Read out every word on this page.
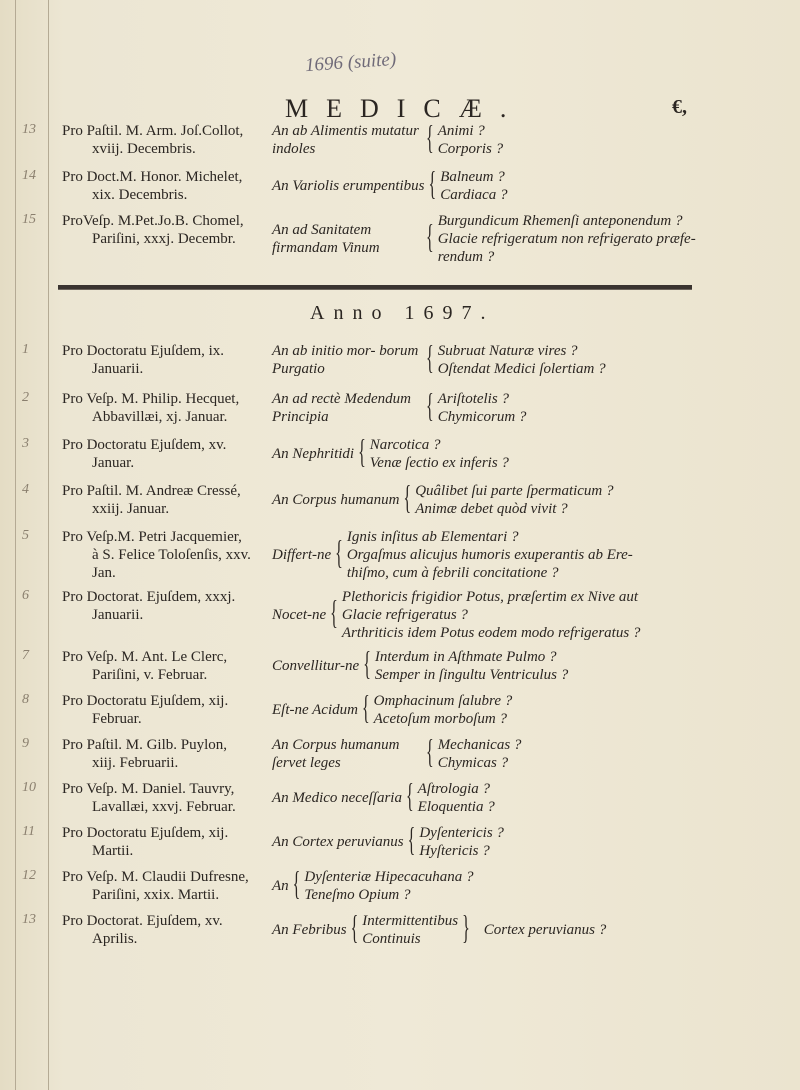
1696 (suite)
MEDICÆ.	€,
13 Pro Paſtil. M. Arm. Joſ.Collot,
xviij. Decembris.
An ab Alimentis mutatur indoles	{ Animi ?
Corporis ?
14 Pro Doct.M. Honor. Michelet,
xix. Decembris.
An Variolis erumpentibus { Balneum ?
Cardiaca ?
15 ProVeſp. M.Pet.Jo.B. Chomel,
Pariſini, xxxj. Decembr.
An ad Sanitatem firmandam Vinum	{ Burgundicum Rhemenſi anteponendum ?
Glacie refrigeratum non refrigerato præfe-
rendum ?
Anno 1697.
1 Pro Doctoratu Ejuſdem, ix.
Januarii.
An ab initio mor- borum Purgatio	{ Subruat Naturæ vires ?
Oſtendat Medici ſolertiam ?
2 Pro Veſp. M. Philip. Hecquet,
Abbavillæi, xj. Januar.
An ad rectè Medendum Principia	{ Ariſtotelis ?
Chymicorum ?
3 Pro Doctoratu Ejuſdem, xv.
Januar.
An Nephritidi { Narcotica ?
Venæ ſectio ex inferis ?
4 Pro Paſtil. M. Andreæ Cressé,
xxiij. Januar.
An Corpus humanum { Quâlibet ſui parte ſpermaticum ?
Animæ debet quòd vivit ?
5 Pro Veſp.M. Petri Jacquemier,
à S. Felice Toloſenſis, xxv. Jan.
Differt-ne { Ignis inſitus ab Elementari ?
Orgaſmus alicujus humoris exuperantis ab Ere-
thiſmo, cum à febrili concitatione ?
6 Pro Doctorat. Ejuſdem, xxxj.
Januarii.	Nocet-ne { Plethoricis frigidior Potus, præſertim ex Nive aut
Glacie refrigeratus ?
Arthriticis idem Potus eodem modo refrigeratus ?
7 Pro Veſp. M. Ant. Le Clerc,
Pariſini, v. Februar.
Convellitur-ne { Interdum in Aſthmate Pulmo ?
Semper in ſingultu Ventriculus ?
8 Pro Doctoratu Ejuſdem, xij.
Februar.
Eſt-ne Acidum { Omphacinum ſalubre ?
Acetoſum morboſum ?
9 Pro Paſtil. M. Gilb. Puylon,
xiij. Februarii.
An Corpus humanum ſervet leges	{ Mechanicas ?
Chymicas ?
10 Pro Veſp. M. Daniel. Tauvry,
Lavallæi, xxvj. Februar.
An Medico neceſſaria { Aſtrologia ?
Eloquentia ?
11 Pro Doctoratu Ejuſdem, xij.
Martii.
An Cortex peruvianus { Dyſentericis ?
Hyſtericis ?
12 Pro Veſp. M. Claudii Dufresne,
Pariſini, xxix. Martii.
An { Dyſenteriæ Hipecacuhana ?
Teneſmo Opium ?
13 Pro Doctorat. Ejuſdem, xv.
Aprilis.
An Febribus { Intermittentibus
Continuis	} Cortex peruvianus ?
